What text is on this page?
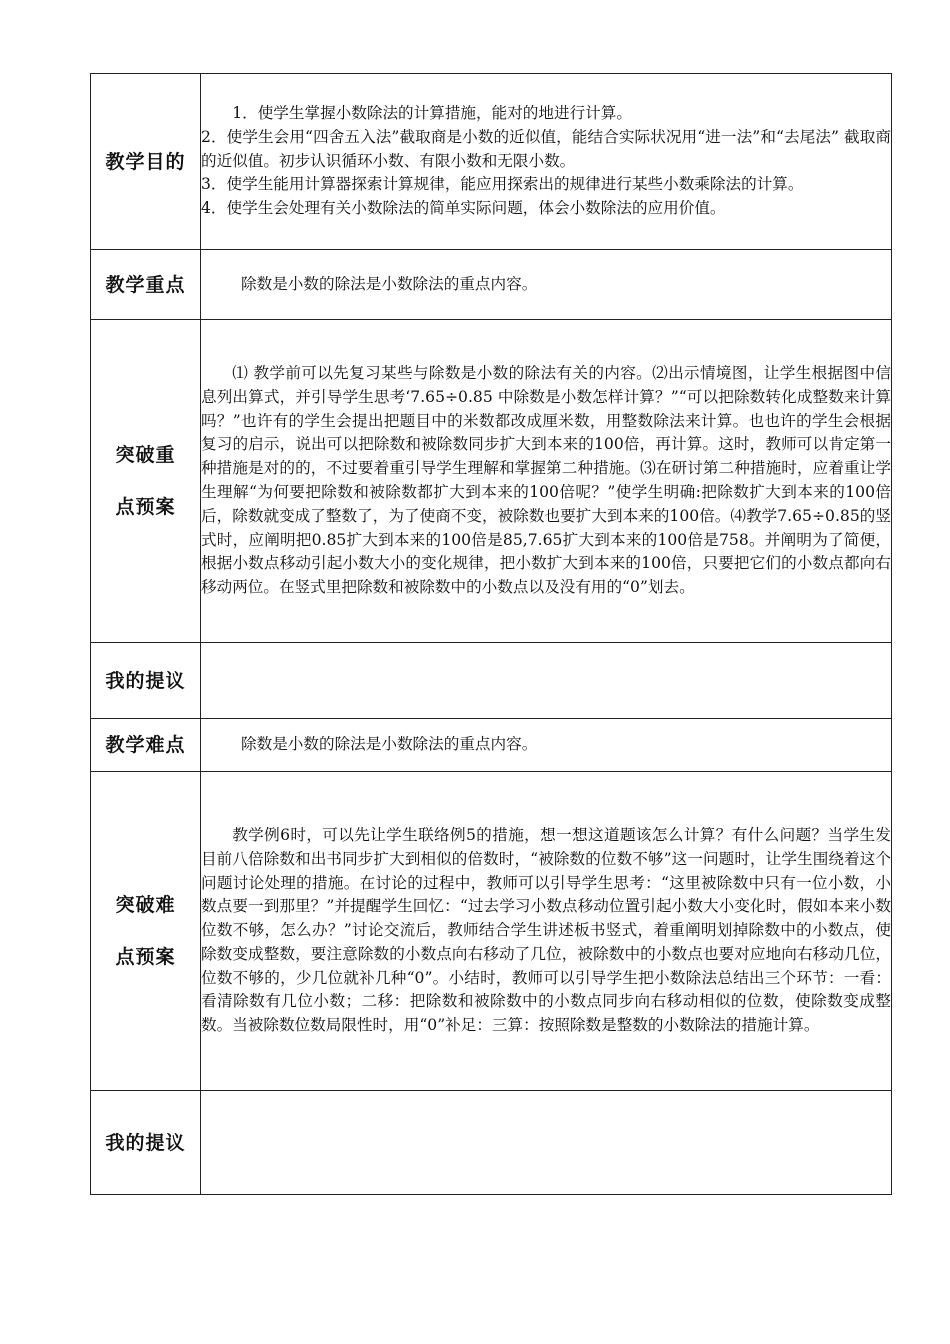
教学目的	1．使学生掌握小数除法的计算措施，能对的地进行计算。

2．使学生会用“四舍五入法”截取商是小数的近似值，能结合实际状况用“进一法”和“去尾法” 截取商的近似值。初步认识循环小数、有限小数和无限小数。

3．使学生能用计算器探索计算规律，能应用探索出的规律进行某些小数乘除法的计算。

4．使学生会处理有关小数除法的简单实际问题，体会小数除法的应用价值。

教学重点	除数是小数的除法是小数除法的重点内容。
突破重点预案	⑴ 教学前可以先复习某些与除数是小数的除法有关的内容。⑵出示情境图，让学生根据图中信息列出算式，并引导学生思考‘7.65÷0.85 中除数是小数怎样计算？”“可以把除数转化成整数来计算吗？”也许有的学生会提出把题目中的米数都改成厘米数，用整数除法来计算。也也许的学生会根据复习的启示，说出可以把除数和被除数同步扩大到本来的100倍，再计算。这时，教师可以肯定第一种措施是对的的，不过要着重引导学生理解和掌握第二种措施。⑶在研讨第二种措施时，应着重让学生理解“为何要把除数和被除数都扩大到本来的100倍呢？”使学生明确:把除数扩大到本来的100倍后，除数就变成了整数了，为了使商不变，被除数也要扩大到本来的100倍。⑷教学7.65÷0.85的竖式时，应阐明把0.85扩大到本来的100倍是85,7.65扩大到本来的100倍是758。并阐明为了简便，根据小数点移动引起小数大小的变化规律，把小数扩大到本来的100倍，只要把它们的小数点都向右移动两位。在竖式里把除数和被除数中的小数点以及没有用的“0”划去。

我的提议	
教学难点	除数是小数的除法是小数除法的重点内容。
突破难点预案	教学例6时，可以先让学生联络例5的措施，想一想这道题该怎么计算？有什么问题？当学生发目前八倍除数和出书同步扩大到相似的倍数时，“被除数的位数不够”这一问题时，让学生围绕着这个问题讨论处理的措施。在讨论的过程中，教师可以引导学生思考：“这里被除数中只有一位小数，小数点要一到那里？”并提醒学生回忆：“过去学习小数点移动位置引起小数大小变化时，假如本来小数位数不够，怎么办？”讨论交流后，教师结合学生讲述板书竖式，着重阐明划掉除数中的小数点，使除数变成整数，要注意除数的小数点向右移动了几位，被除数中的小数点也要对应地向右移动几位，位数不够的，少几位就补几种“0”。小结时，教师可以引导学生把小数除法总结出三个环节：一看：看清除数有几位小数；二移：把除数和被除数中的小数点同步向右移动相似的位数，使除数变成整数。当被除数位数局限性时，用“0”补足：三算：按照除数是整数的小数除法的措施计算。

我的提议	
